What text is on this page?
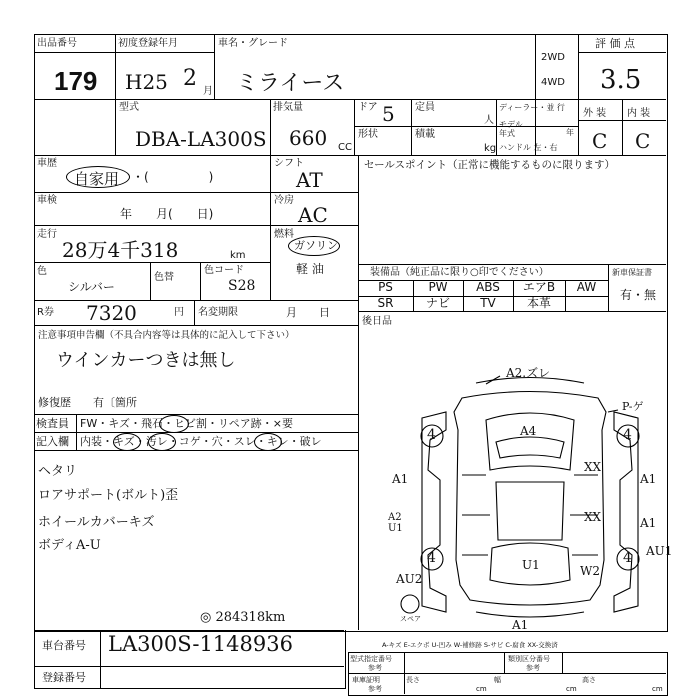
出品番号
179
初度登録年月
H25 2
月
車名・グレード
ミライース
2WD
4WD
評 価 点
3.5
型式
DBA-LA300S
排気量
660 CC
ドア 5
形状
定員
人
積載
kg
ディーラー・並 行
モデル年式	年
ハンドル 左・右
外 装 内 装
C C
車歴
自家用 ・(　　　　　)
シフト
AT
車検
年　　月(　　日)
冷房
AC
走行
28万4千318	km
燃料
ガソリン
軽 油
色
シルバー
色替
色コード
S28
R券 7320	円 名変期限	月　　日
注意事項申告欄（不具合内容等は具体的に記入して下さい）
ウインカーつきは無し
修復歴　　有〔箇所
検査員
記入欄
FW・キズ・飛石・ヒビ割・リペア跡・×要
内装・キズ・汚レ・コゲ・穴・スレ・キレ・破レ
ヘタリ
ロアサポート(ボルト)歪
ホイールカバーキズ
ボディA-U
セールスポイント（正常に機能するものに限ります）
装備品（純正品に限り○印でください）	新車保証書
有・無
PS	PW	ABS	エアB	AW
SR	ナビ	TV	本革
後日品
A2.ズレ
A4
P-ゲ
4	4
4	4
A1	A1
XX
XX
A2 U1	A1
AU1
U1	W2
AU2
A1
スペア
◎ 284318km
車台番号 LA300S-1148936
登録番号
A-キズ E-エクボ U-凹み W-補修跡 S-サビ C-腐食 XX-交換済
型式指定番号
参考
類別区分番号
参考
車庫証明
参考
長さ
cm
幅
cm
高さ
cm
